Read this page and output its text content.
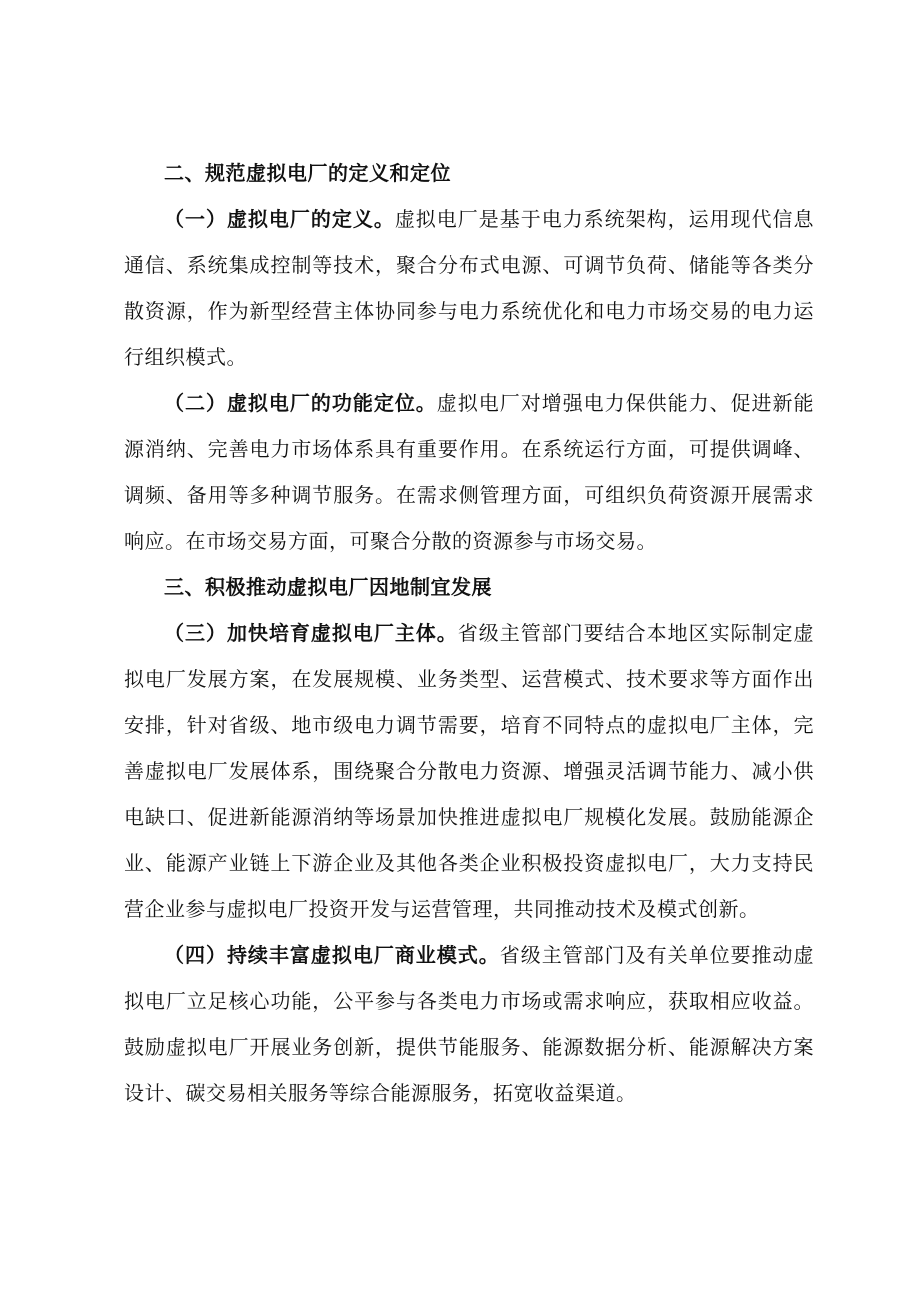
二、规范虚拟电厂的定义和定位

（一）虚拟电厂的定义。虚拟电厂是基于电力系统架构，运用现代信息通信、系统集成控制等技术，聚合分布式电源、可调节负荷、储能等各类分散资源，作为新型经营主体协同参与电力系统优化和电力市场交易的电力运行组织模式。

（二）虚拟电厂的功能定位。虚拟电厂对增强电力保供能力、促进新能源消纳、完善电力市场体系具有重要作用。在系统运行方面，可提供调峰、调频、备用等多种调节服务。在需求侧管理方面，可组织负荷资源开展需求响应。在市场交易方面，可聚合分散的资源参与市场交易。

三、积极推动虚拟电厂因地制宜发展

（三）加快培育虚拟电厂主体。省级主管部门要结合本地区实际制定虚拟电厂发展方案，在发展规模、业务类型、运营模式、技术要求等方面作出安排，针对省级、地市级电力调节需要，培育不同特点的虚拟电厂主体，完善虚拟电厂发展体系，围绕聚合分散电力资源、增强灵活调节能力、减小供电缺口、促进新能源消纳等场景加快推进虚拟电厂规模化发展。鼓励能源企业、能源产业链上下游企业及其他各类企业积极投资虚拟电厂，大力支持民营企业参与虚拟电厂投资开发与运营管理，共同推动技术及模式创新。

（四）持续丰富虚拟电厂商业模式。省级主管部门及有关单位要推动虚拟电厂立足核心功能，公平参与各类电力市场或需求响应，获取相应收益。鼓励虚拟电厂开展业务创新，提供节能服务、能源数据分析、能源解决方案设计、碳交易相关服务等综合能源服务，拓宽收益渠道。
